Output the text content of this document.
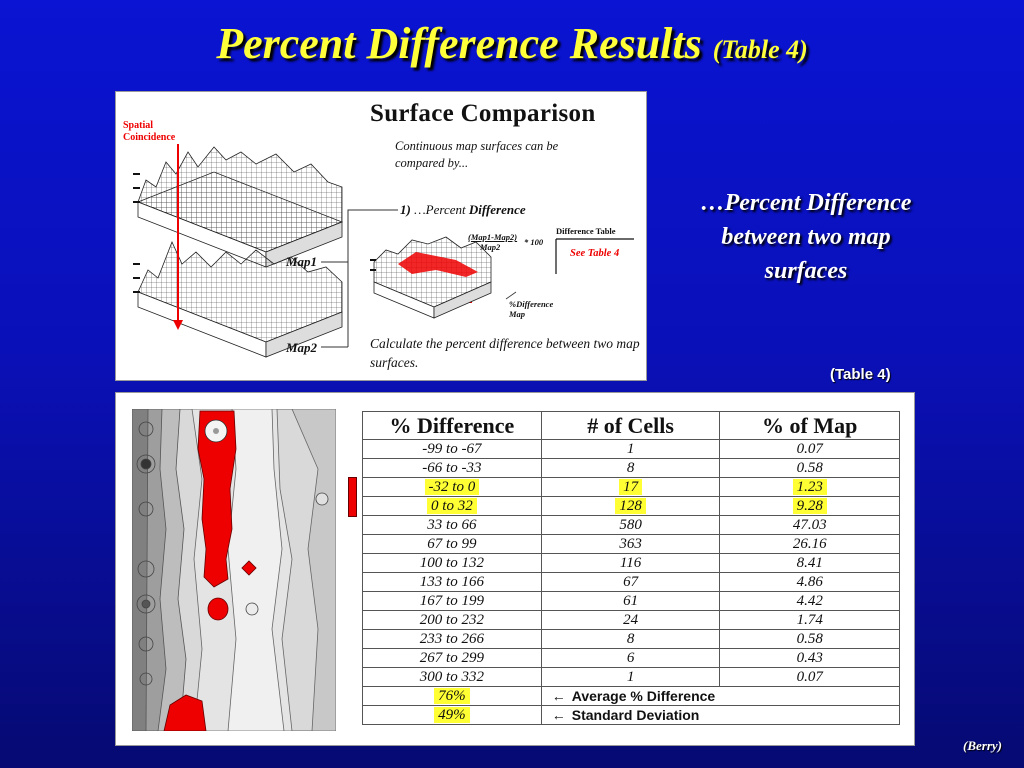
Percent Difference Results (Table 4)
Spatial
Coincidence
Surface Comparison
Continuous map surfaces can be compared by...
1) …Percent Difference
Map1
Map2
(Map1-Map2)
Map2	* 100
Difference Table
See Table 4
%Difference
Map
Calculate the percent difference between two map surfaces.
…Percent Difference
between two map
surfaces
(Table 4)
% Difference	# of Cells	% of Map
-99 to -67	1	0.07
-66 to -33	8	0.58
-32 to 0	17	1.23
0 to 32	128	9.28
33 to 66	580	47.03
67 to 99	363	26.16
100 to 132	116	8.41
133 to 166	67	4.86
167 to 199	61	4.42
200 to 232	24	1.74
233 to 266	8	0.58
267 to 299	6	0.43
300 to 332	1	0.07
76%	← Average % Difference	
49%	← Standard Deviation	
(Berry)
